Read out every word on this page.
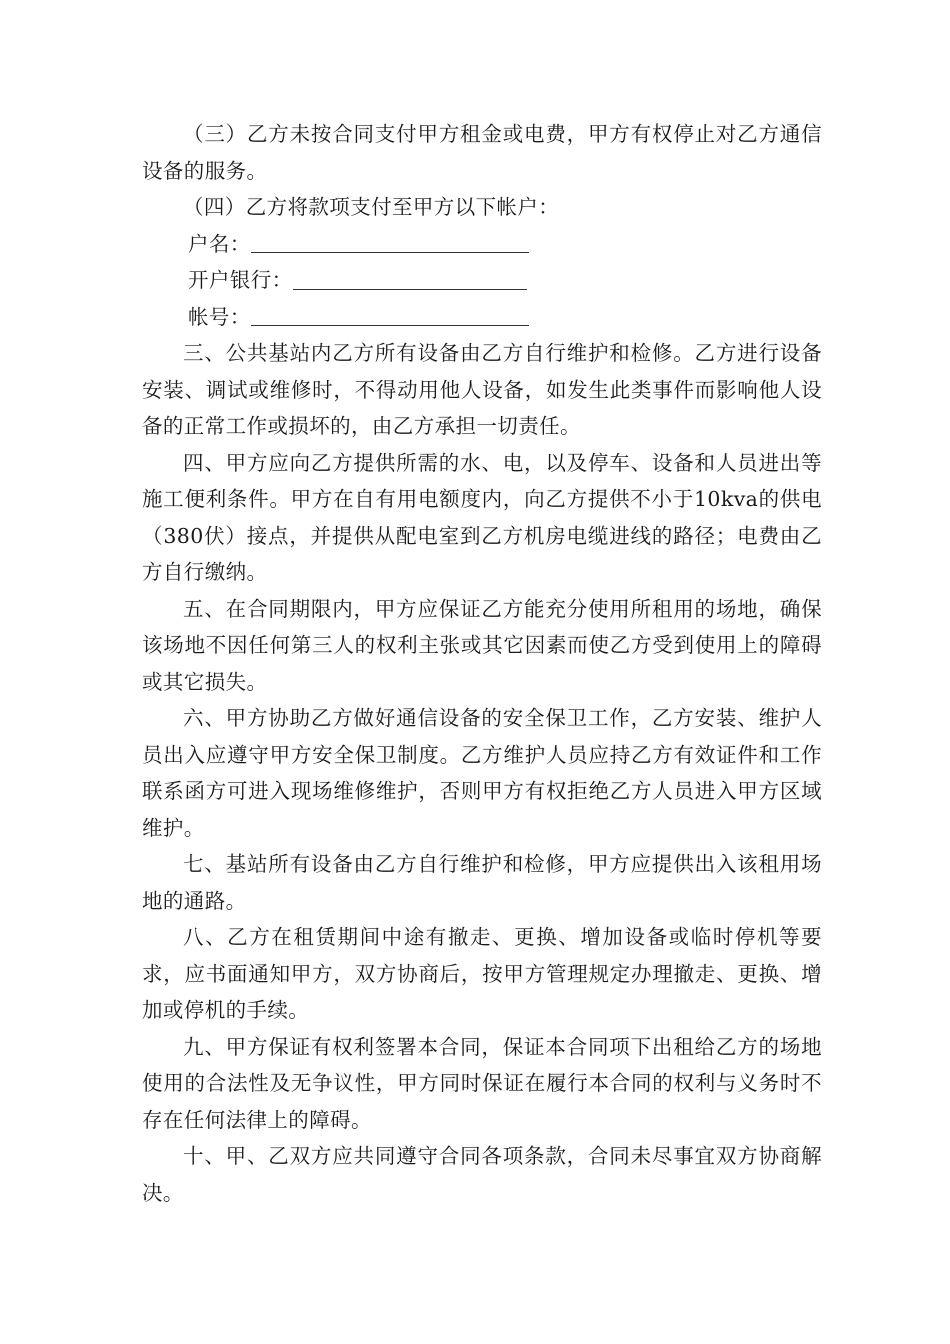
（三）乙方未按合同支付甲方租金或电费，甲方有权停止对乙方通信设备的服务。

（四）乙方将款项支付至甲方以下帐户：

户名：
开户银行：
帐号：

三、公共基站内乙方所有设备由乙方自行维护和检修。乙方进行设备安装、调试或维修时，不得动用他人设备，如发生此类事件而影响他人设备的正常工作或损坏的，由乙方承担一切责任。

四、甲方应向乙方提供所需的水、电，以及停车、设备和人员进出等施工便利条件。甲方在自有用电额度内，向乙方提供不小于10kva的供电（380伏）接点，并提供从配电室到乙方机房电缆进线的路径；电费由乙方自行缴纳。

五、在合同期限内，甲方应保证乙方能充分使用所租用的场地，确保该场地不因任何第三人的权利主张或其它因素而使乙方受到使用上的障碍或其它损失。

六、甲方协助乙方做好通信设备的安全保卫工作，乙方安装、维护人员出入应遵守甲方安全保卫制度。乙方维护人员应持乙方有效证件和工作联系函方可进入现场维修维护，否则甲方有权拒绝乙方人员进入甲方区域维护。

七、基站所有设备由乙方自行维护和检修，甲方应提供出入该租用场地的通路。

八、乙方在租赁期间中途有撤走、更换、增加设备或临时停机等要求，应书面通知甲方，双方协商后，按甲方管理规定办理撤走、更换、增加或停机的手续。

九、甲方保证有权利签署本合同，保证本合同项下出租给乙方的场地使用的合法性及无争议性，甲方同时保证在履行本合同的权利与义务时不存在任何法律上的障碍。

十、甲、乙双方应共同遵守合同各项条款，合同未尽事宜双方协商解决。
